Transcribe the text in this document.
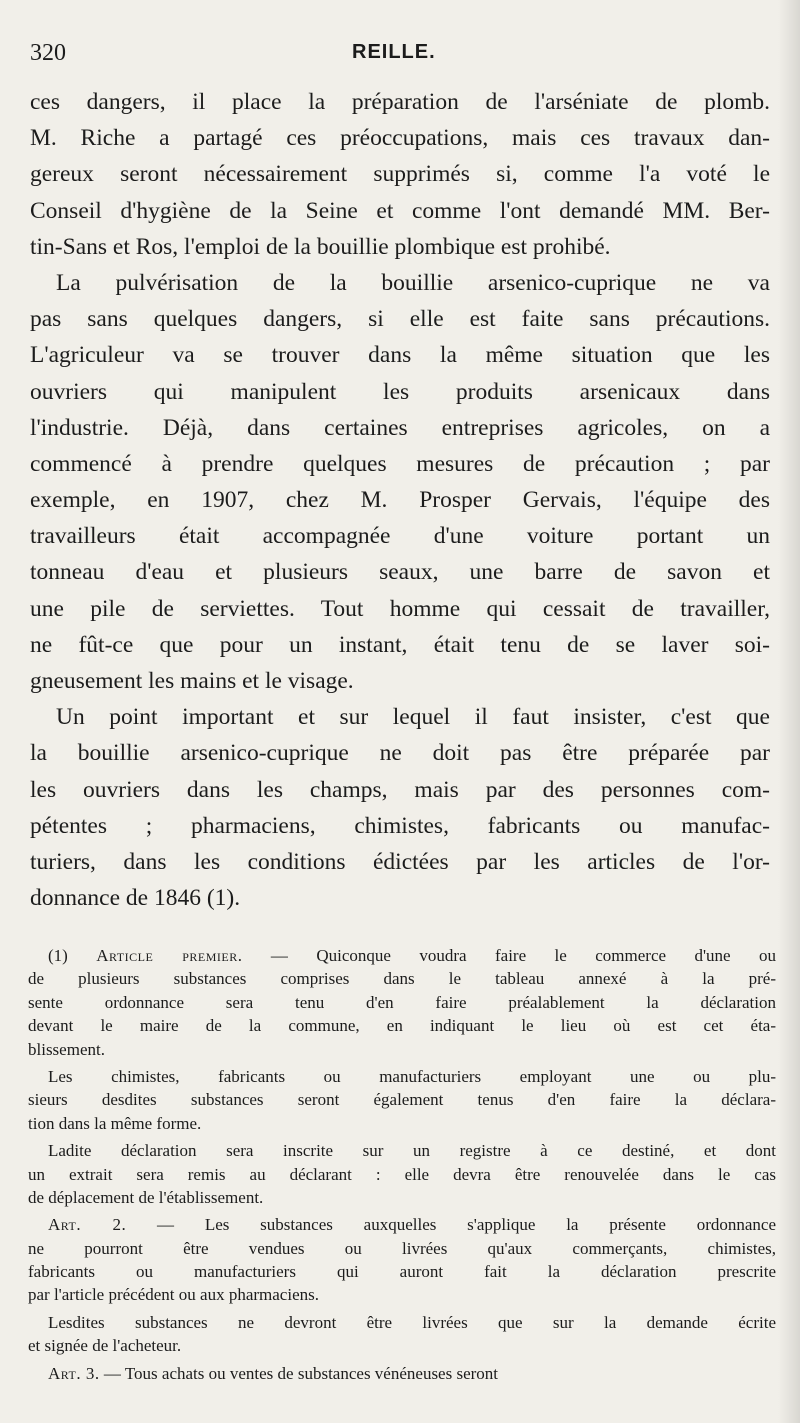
320	REILLE.
ces dangers, il place la préparation de l'arséniate de plomb.
M. Riche a partagé ces préoccupations, mais ces travaux dan-
gereux seront nécessairement supprimés si, comme l'a voté le
Conseil d'hygiène de la Seine et comme l'ont demandé MM. Ber-
tin-Sans et Ros, l'emploi de la bouillie plombique est prohibé.
La pulvérisation de la bouillie arsenico-cuprique ne va
pas sans quelques dangers, si elle est faite sans précautions.
L'agriculeur va se trouver dans la même situation que les
ouvriers qui manipulent les produits arsenicaux dans
l'industrie. Déjà, dans certaines entreprises agricoles, on a
commencé à prendre quelques mesures de précaution ; par
exemple, en 1907, chez M. Prosper Gervais, l'équipe des
travailleurs était accompagnée d'une voiture portant un
tonneau d'eau et plusieurs seaux, une barre de savon et
une pile de serviettes. Tout homme qui cessait de travailler,
ne fût-ce que pour un instant, était tenu de se laver soi-
gneusement les mains et le visage.
Un point important et sur lequel il faut insister, c'est que
la bouillie arsenico-cuprique ne doit pas être préparée par
les ouvriers dans les champs, mais par des personnes com-
pétentes ; pharmaciens, chimistes, fabricants ou manufac-
turiers, dans les conditions édictées par les articles de l'or-
donnance de 1846 (1).
(1) Article premier. — Quiconque voudra faire le commerce d'une ou
de plusieurs substances comprises dans le tableau annexé à la pré-
sente ordonnance sera tenu d'en faire préalablement la déclaration
devant le maire de la commune, en indiquant le lieu où est cet éta-
blissement.
Les chimistes, fabricants ou manufacturiers employant une ou plu-
sieurs desdites substances seront également tenus d'en faire la déclara-
tion dans la même forme.
Ladite déclaration sera inscrite sur un registre à ce destiné, et dont
un extrait sera remis au déclarant : elle devra être renouvelée dans le cas
de déplacement de l'établissement.
Art. 2. — Les substances auxquelles s'applique la présente ordonnance
ne pourront être vendues ou livrées qu'aux commerçants, chimistes,
fabricants ou manufacturiers qui auront fait la déclaration prescrite
par l'article précédent ou aux pharmaciens.
Lesdites substances ne devront être livrées que sur la demande écrite
et signée de l'acheteur.
Art. 3. — Tous achats ou ventes de substances vénéneuses seront
